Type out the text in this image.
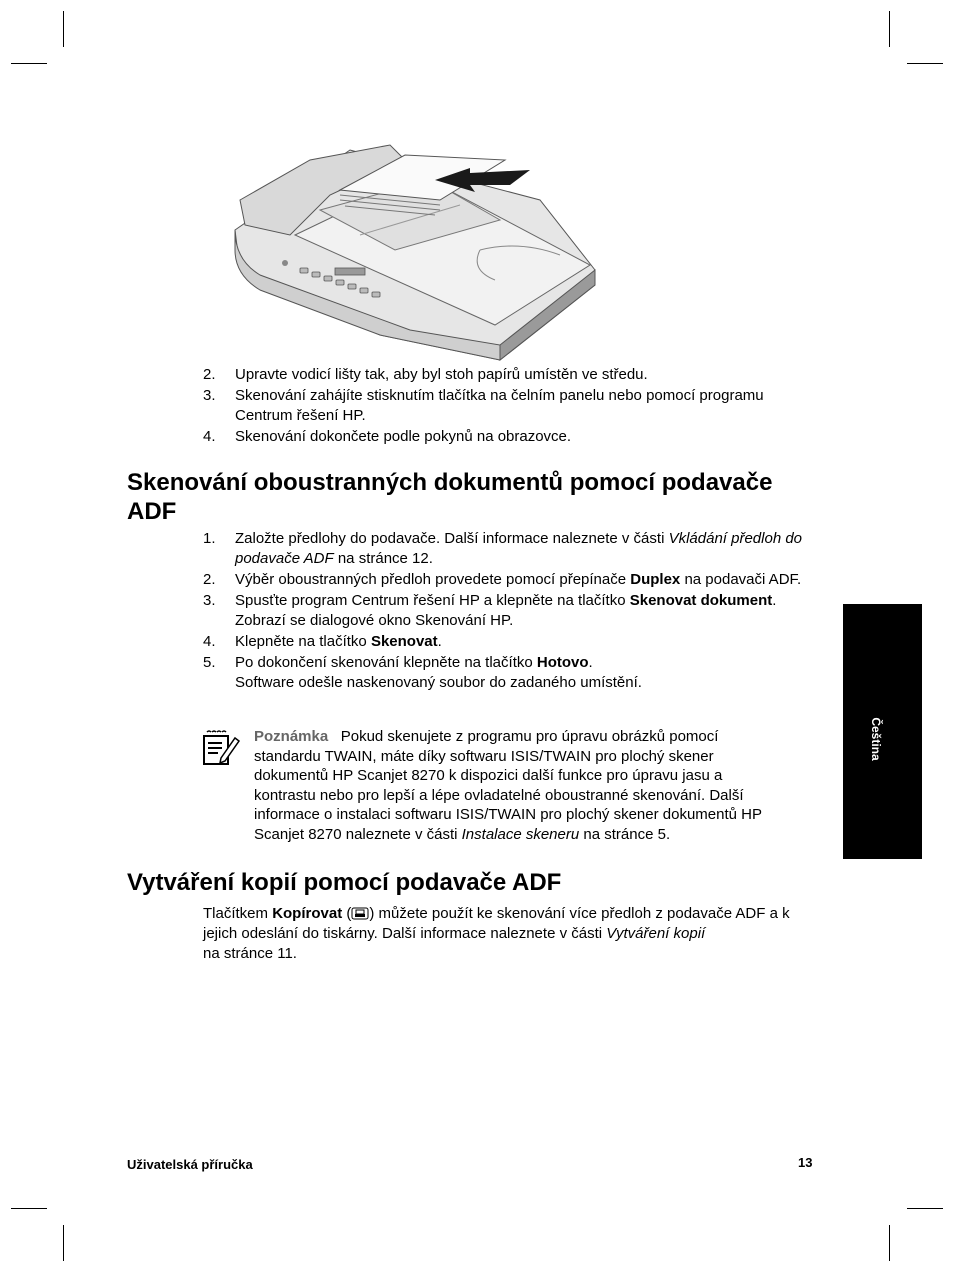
2. Upravte vodicí lišty tak, aby byl stoh papírů umístěn ve středu.
3. Skenování zahájíte stisknutím tlačítka na čelním panelu nebo pomocí programu Centrum řešení HP.
4. Skenování dokončete podle pokynů na obrazovce.
Skenování oboustranných dokumentů pomocí podavače ADF
1. Založte předlohy do podavače. Další informace naleznete v části Vkládání předloh do podavače ADF na stránce 12.
2. Výběr oboustranných předloh provedete pomocí přepínače Duplex na podavači ADF.
3. Spusťte program Centrum řešení HP a klepněte na tlačítko Skenovat dokument. Zobrazí se dialogové okno Skenování HP.
4. Klepněte na tlačítko Skenovat.
5. Po dokončení skenování klepněte na tlačítko Hotovo.
Software odešle naskenovaný soubor do zadaného umístění.
Poznámka Pokud skenujete z programu pro úpravu obrázků pomocí standardu TWAIN, máte díky softwaru ISIS/TWAIN pro plochý skener dokumentů HP Scanjet 8270 k dispozici další funkce pro úpravu jasu a kontrastu nebo pro lepší a lépe ovladatelné oboustranné skenování. Další informace o instalaci softwaru ISIS/TWAIN pro plochý skener dokumentů HP Scanjet 8270 naleznete v části Instalace skeneru na stránce 5.
Vytváření kopií pomocí podavače ADF
Tlačítkem Kopírovat ( ) můžete použít ke skenování více předloh z podavače ADF a k jejich odeslání do tiskárny. Další informace naleznete v části Vytváření kopií
na stránce 11.
Čeština
Uživatelská příručka	13
